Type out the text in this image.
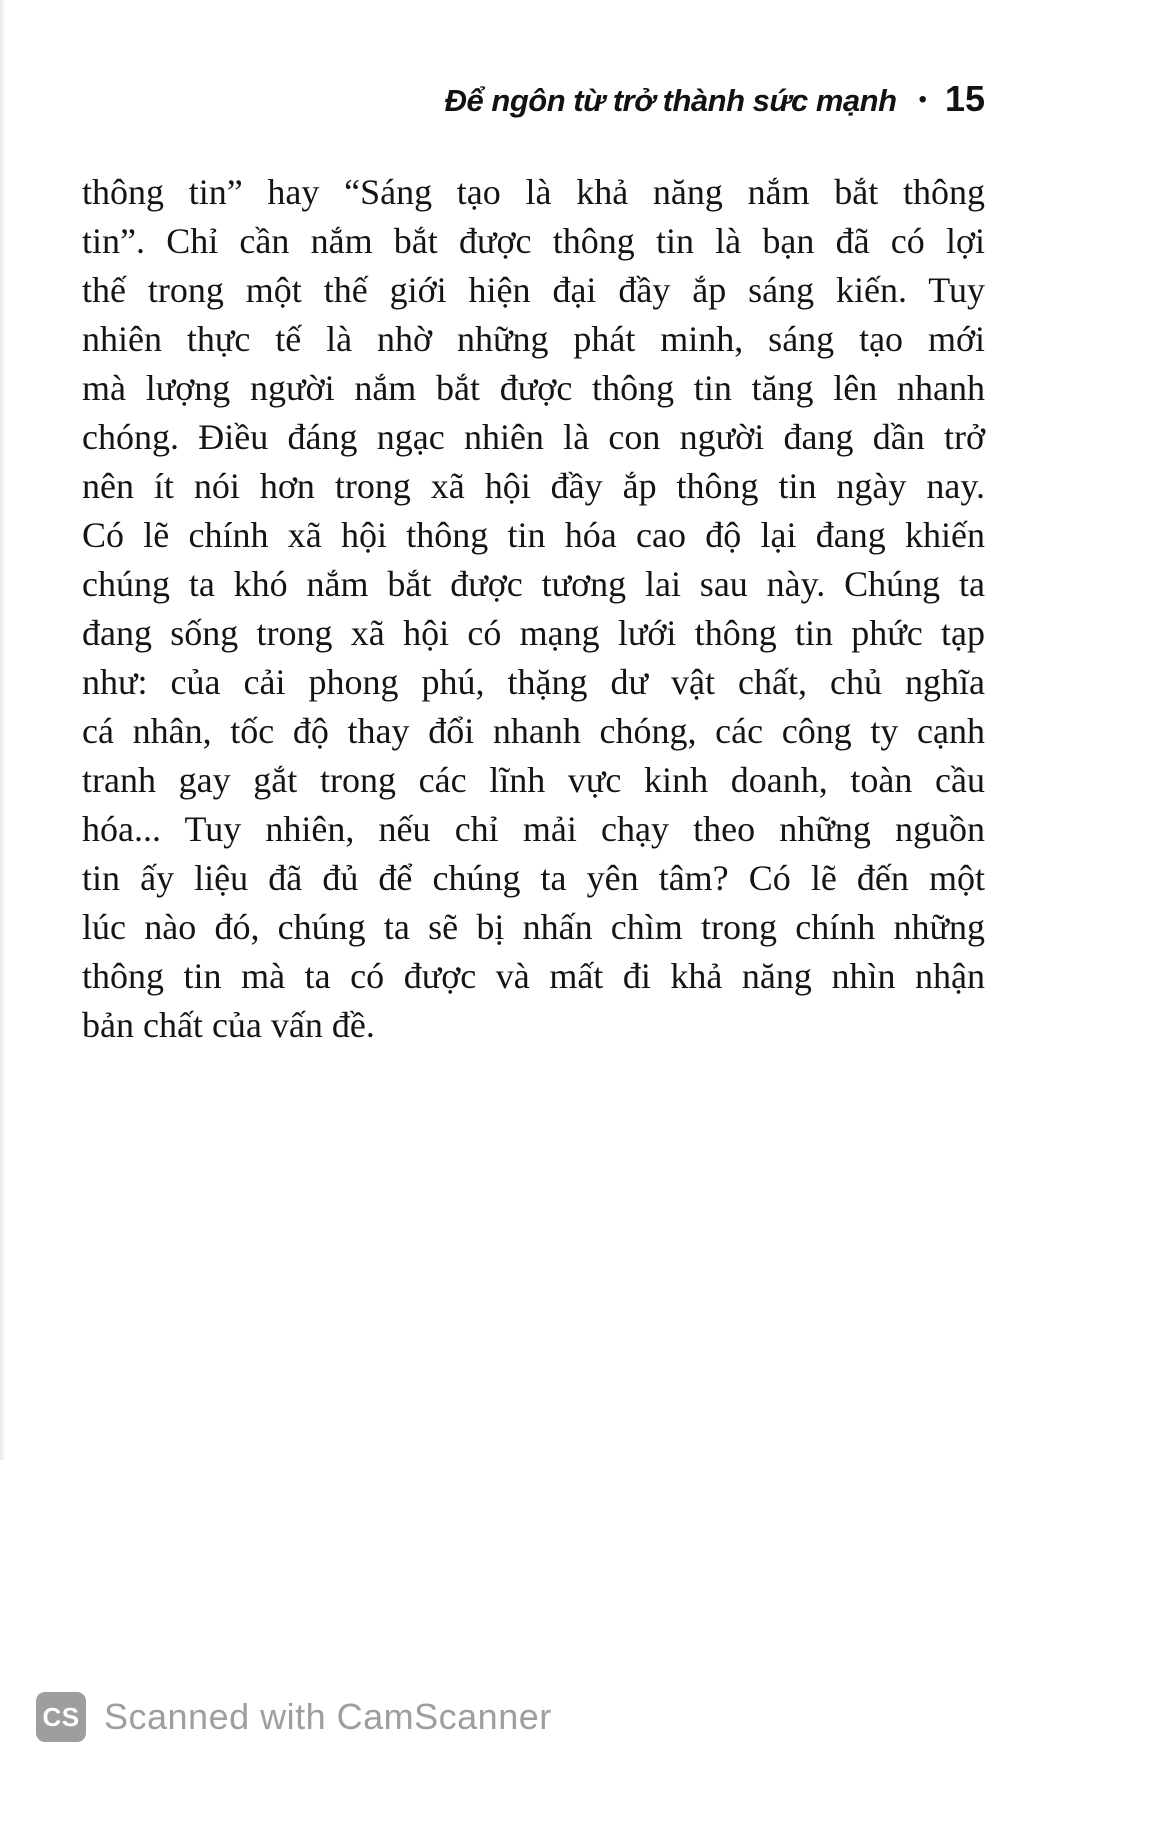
Để ngôn từ trở thành sức mạnh • 15
thông tin” hay “Sáng tạo là khả năng nắm bắt thông
tin”. Chỉ cần nắm bắt được thông tin là bạn đã có lợi
thế trong một thế giới hiện đại đầy ắp sáng kiến. Tuy
nhiên thực tế là nhờ những phát minh, sáng tạo mới
mà lượng người nắm bắt được thông tin tăng lên nhanh
chóng. Điều đáng ngạc nhiên là con người đang dần trở
nên ít nói hơn trong xã hội đầy ắp thông tin ngày nay.
Có lẽ chính xã hội thông tin hóa cao độ lại đang khiến
chúng ta khó nắm bắt được tương lai sau này. Chúng ta
đang sống trong xã hội có mạng lưới thông tin phức tạp
như: của cải phong phú, thặng dư vật chất, chủ nghĩa
cá nhân, tốc độ thay đổi nhanh chóng, các công ty cạnh
tranh gay gắt trong các lĩnh vực kinh doanh, toàn cầu
hóa... Tuy nhiên, nếu chỉ mải chạy theo những nguồn
tin ấy liệu đã đủ để chúng ta yên tâm? Có lẽ đến một
lúc nào đó, chúng ta sẽ bị nhấn chìm trong chính những
thông tin mà ta có được và mất đi khả năng nhìn nhận
bản chất của vấn đề.
CS Scanned with CamScanner
